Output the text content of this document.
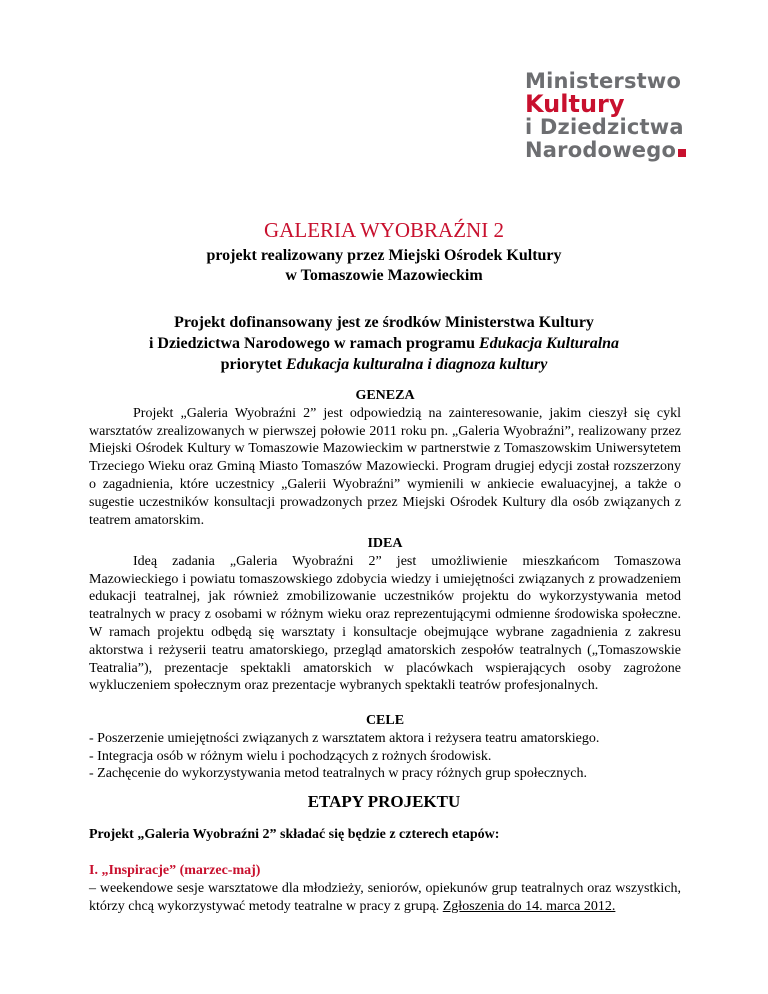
Ministerstwo
Kultury
i Dziedzictwa
Narodowego
GALERIA WYOBRAŹNI 2
projekt realizowany przez Miejski Ośrodek Kultury
w Tomaszowie Mazowieckim
Projekt dofinansowany jest ze środków Ministerstwa Kultury
i Dziedzictwa Narodowego w ramach programu Edukacja Kulturalna
priorytet Edukacja kulturalna i diagnoza kultury
GENEZA
Projekt „Galeria Wyobraźni 2” jest odpowiedzią na zainteresowanie, jakim cieszył się cykl warsztatów zrealizowanych w pierwszej połowie 2011 roku pn. „Galeria Wyobraźni”, realizowany przez Miejski Ośrodek Kultury w Tomaszowie Mazowieckim w partnerstwie z Tomaszowskim Uniwersytetem Trzeciego Wieku oraz Gminą Miasto Tomaszów Mazowiecki. Program drugiej edycji został rozszerzony o zagadnienia, które uczestnicy „Galerii Wyobraźni” wymienili w ankiecie ewaluacyjnej, a także o sugestie uczestników konsultacji prowadzonych przez Miejski Ośrodek Kultury dla osób związanych z teatrem amatorskim.
IDEA
Ideą zadania „Galeria Wyobraźni 2” jest umożliwienie mieszkańcom Tomaszowa Mazowieckiego i powiatu tomaszowskiego zdobycia wiedzy i umiejętności związanych z prowadzeniem edukacji teatralnej, jak również zmobilizowanie uczestników projektu do wykorzystywania metod teatralnych w pracy z osobami w różnym wieku oraz reprezentującymi odmienne środowiska społeczne. W ramach projektu odbędą się warsztaty i konsultacje obejmujące wybrane zagadnienia z zakresu aktorstwa i reżyserii teatru amatorskiego, przegląd amatorskich zespołów teatralnych („Tomaszowskie Teatralia”), prezentacje spektakli amatorskich w placówkach wspierających osoby zagrożone wykluczeniem społecznym oraz prezentacje wybranych spektakli teatrów profesjonalnych.
CELE
- Poszerzenie umiejętności związanych z warsztatem aktora i reżysera teatru amatorskiego.
- Integracja osób w różnym wielu i pochodzących z rożnych środowisk.
- Zachęcenie do wykorzystywania metod teatralnych w pracy różnych grup społecznych.
ETAPY PROJEKTU
Projekt „Galeria Wyobraźni 2” składać się będzie z czterech etapów:
I. „Inspiracje” (marzec-maj)
– weekendowe sesje warsztatowe dla młodzieży, seniorów, opiekunów grup teatralnych oraz wszystkich, którzy chcą wykorzystywać metody teatralne w pracy z grupą. Zgłoszenia do 14. marca 2012.
